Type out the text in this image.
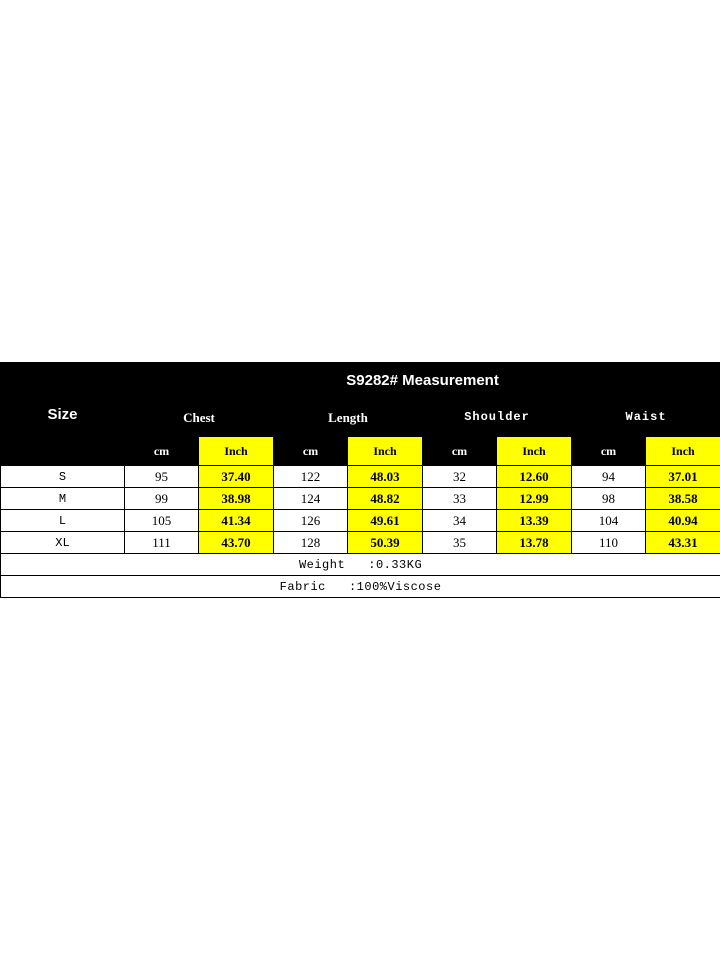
Size	S9282# Measurement							
	Chest		Length		Shoulder		Waist	
	cm	Inch	cm	Inch	cm	Inch	cm	Inch
S	95	37.40	122	48.03	32	12.60	94	37.01
M	99	38.98	124	48.82	33	12.99	98	38.58
L	105	41.34	126	49.61	34	13.39	104	40.94
XL	111	43.70	128	50.39	35	13.78	110	43.31
Weight   :0.33KG								
Fabric   :100%Viscose								
